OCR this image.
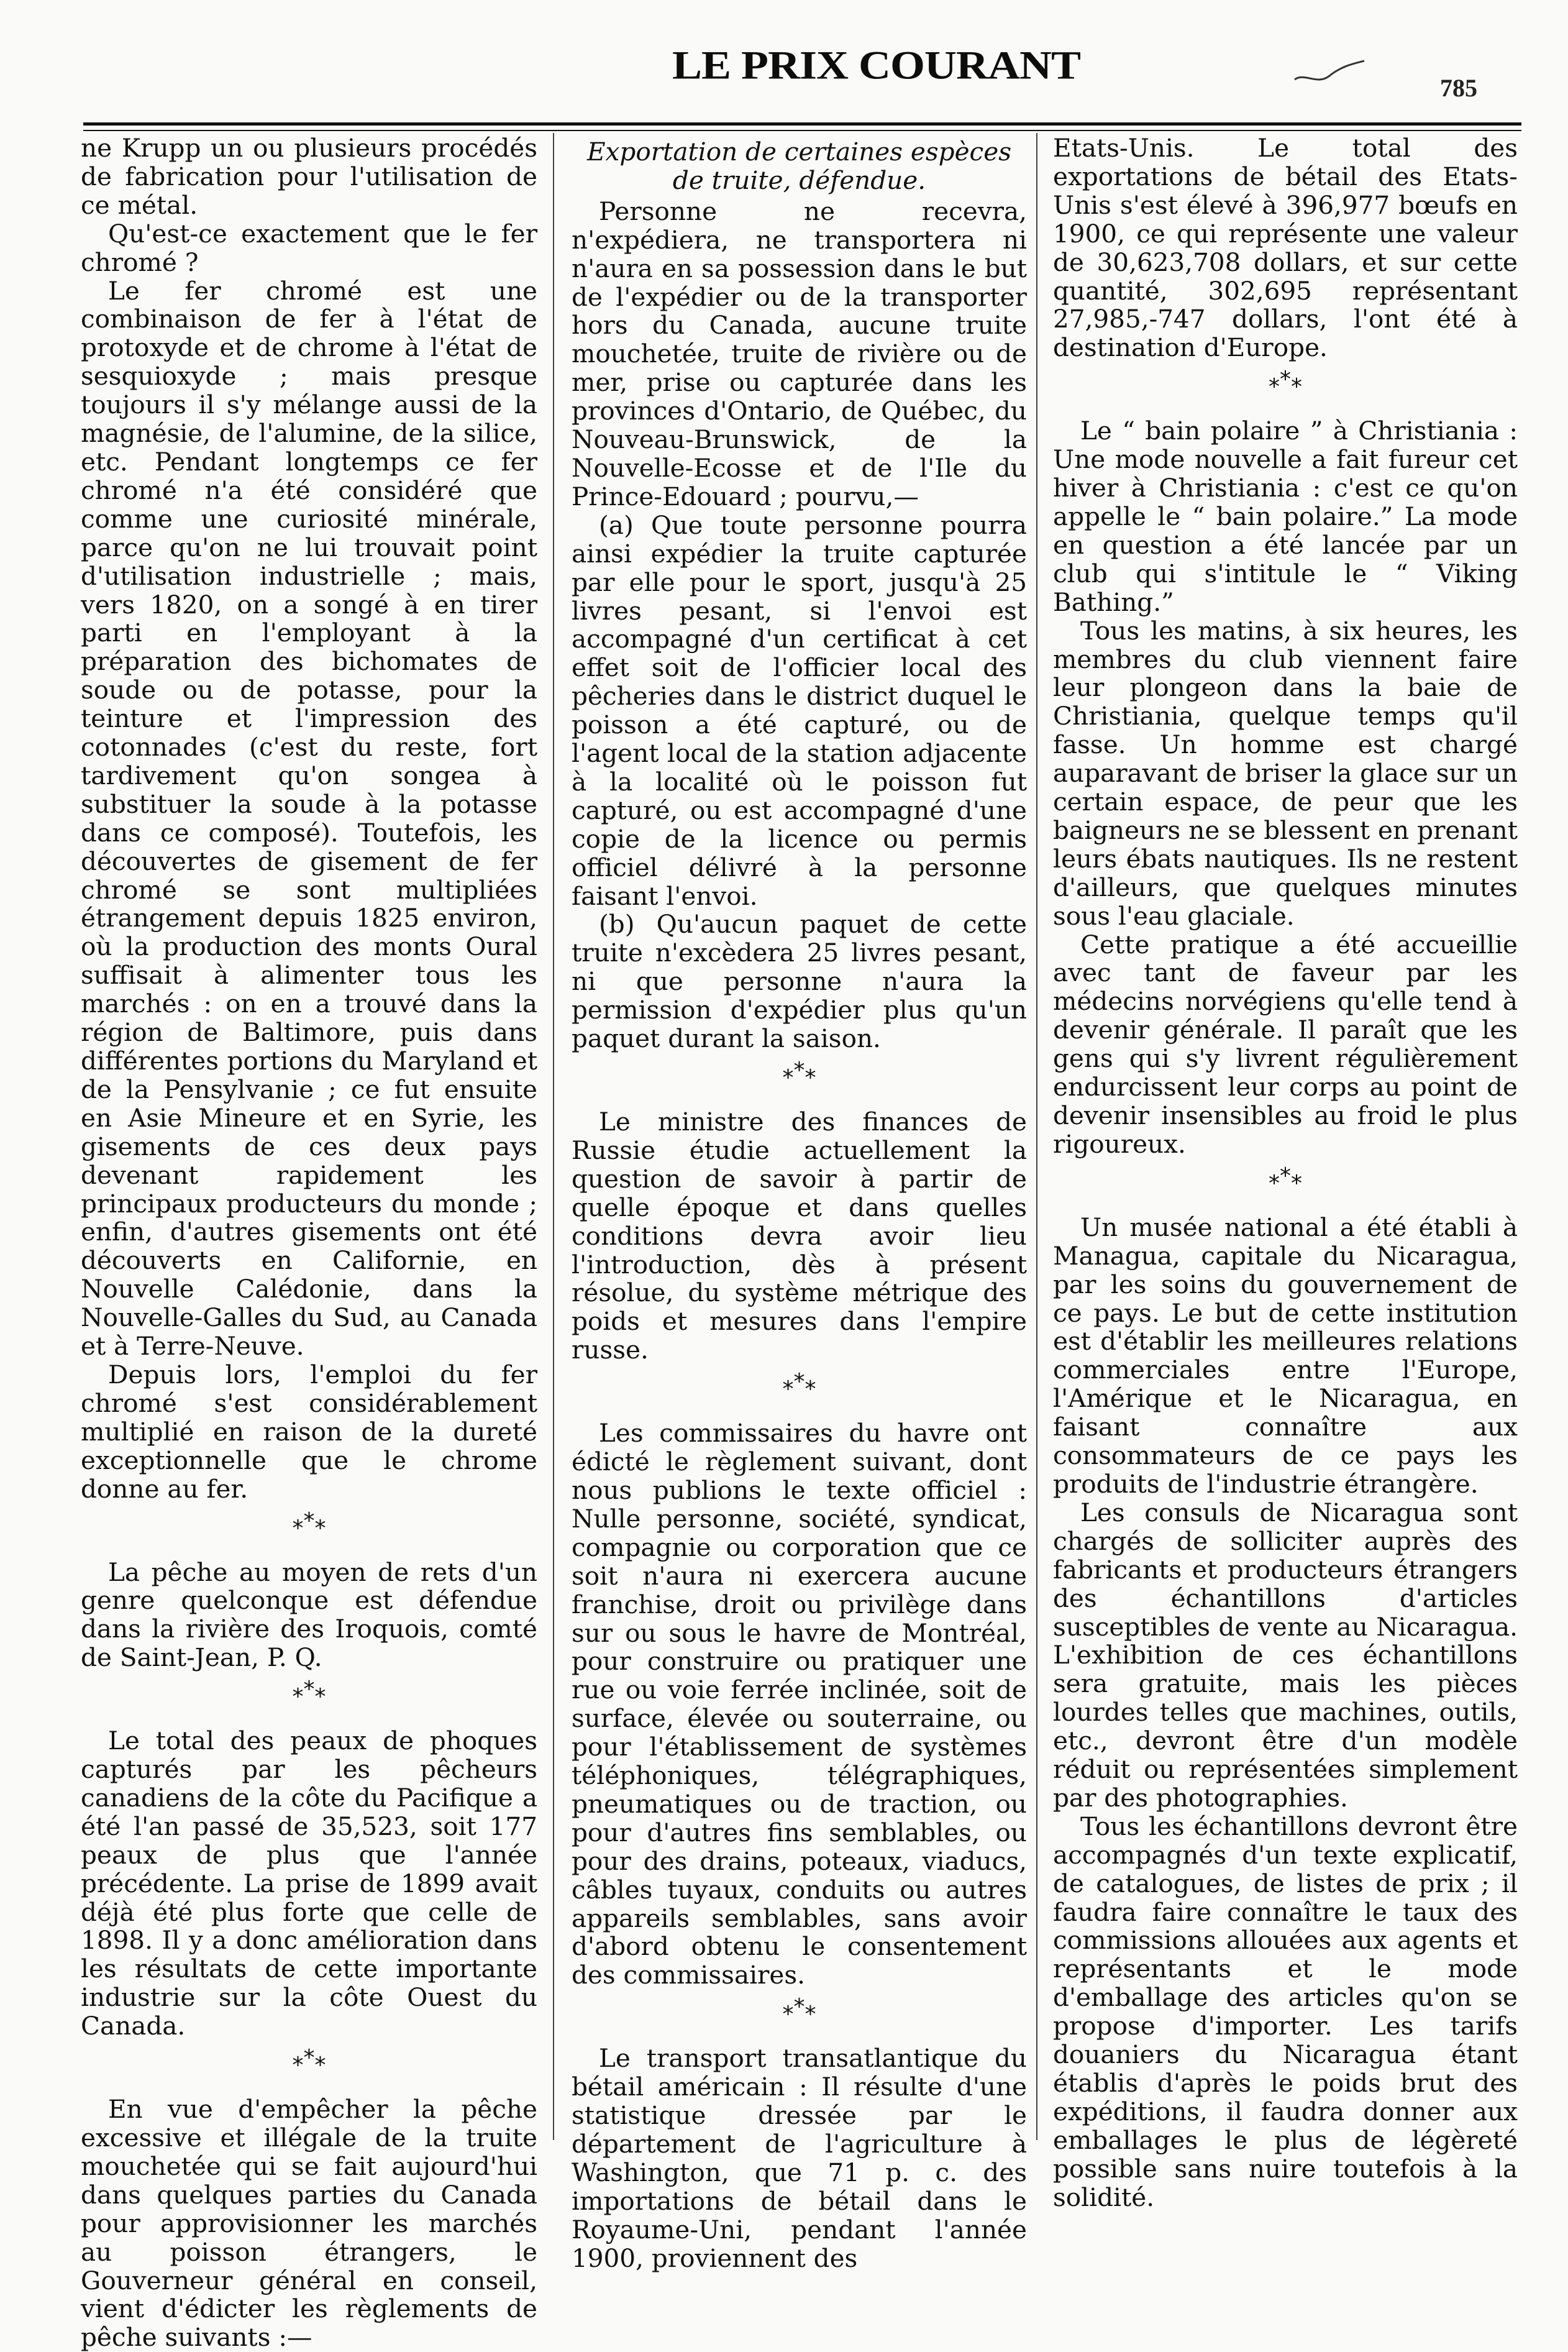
LE PRIX COURANT
785

ne Krupp un ou plusieurs procédés de fabrication pour l'utilisation de ce métal.

Qu'est-ce exactement que le fer chromé ?

Le fer chromé est une combinaison de fer à l'état de protoxyde et de chrome à l'état de sesquioxyde ; mais presque toujours il s'y mélange aussi de la magnésie, de l'alumine, de la silice, etc. Pendant longtemps ce fer chromé n'a été considéré que comme une curiosité minérale, parce qu'on ne lui trouvait point d'utilisation industrielle ; mais, vers 1820, on a songé à en tirer parti en l'employant à la préparation des bichomates de soude ou de potasse, pour la teinture et l'impression des cotonnades (c'est du reste, fort tardivement qu'on songea à substituer la soude à la potasse dans ce composé). Toutefois, les découvertes de gisement de fer chromé se sont multipliées étrangement depuis 1825 environ, où la production des monts Oural suffisait à alimenter tous les marchés : on en a trouvé dans la région de Baltimore, puis dans différentes portions du Maryland et de la Pensylvanie ; ce fut ensuite en Asie Mineure et en Syrie, les gisements de ces deux pays devenant rapidement les principaux producteurs du monde ; enfin, d'autres gisements ont été découverts en Californie, en Nouvelle Calédonie, dans la Nouvelle-Galles du Sud, au Canada et à Terre-Neuve.

Depuis lors, l'emploi du fer chromé s'est considérablement multiplié en raison de la dureté exceptionnelle que le chrome donne au fer.

***

La pêche au moyen de rets d'un genre quelconque est défendue dans la rivière des Iroquois, comté de Saint-Jean, P. Q.

***

Le total des peaux de phoques capturés par les pêcheurs canadiens de la côte du Pacifique a été l'an passé de 35,523, soit 177 peaux de plus que l'année précédente. La prise de 1899 avait déjà été plus forte que celle de 1898. Il y a donc amélioration dans les résultats de cette importante industrie sur la côte Ouest du Canada.

***

En vue d'empêcher la pêche excessive et illégale de la truite mouchetée qui se fait aujourd'hui dans quelques parties du Canada pour approvisionner les marchés au poisson étrangers, le Gouverneur général en conseil, vient d'édicter les règlements de pêche suivants :—

Exportation de certaines espèces de truite, défendue.

Personne ne recevra, n'expédiera, ne transportera ni n'aura en sa possession dans le but de l'expédier ou de la transporter hors du Canada, aucune truite mouchetée, truite de rivière ou de mer, prise ou capturée dans les provinces d'Ontario, de Québec, du Nouveau-Brunswick, de la Nouvelle-Ecosse et de l'Ile du Prince-Edouard ; pourvu,—

(a) Que toute personne pourra ainsi expédier la truite capturée par elle pour le sport, jusqu'à 25 livres pesant, si l'envoi est accompagné d'un certificat à cet effet soit de l'officier local des pêcheries dans le district duquel le poisson a été capturé, ou de l'agent local de la station adjacente à la localité où le poisson fut capturé, ou est accompagné d'une copie de la licence ou permis officiel délivré à la personne faisant l'envoi.

(b) Qu'aucun paquet de cette truite n'excèdera 25 livres pesant, ni que personne n'aura la permission d'expédier plus qu'un paquet durant la saison.

***

Le ministre des finances de Russie étudie actuellement la question de savoir à partir de quelle époque et dans quelles conditions devra avoir lieu l'introduction, dès à présent résolue, du système métrique des poids et mesures dans l'empire russe.

***

Les commissaires du havre ont édicté le règlement suivant, dont nous publions le texte officiel : Nulle personne, société, syndicat, compagnie ou corporation que ce soit n'aura ni exercera aucune franchise, droit ou privilège dans sur ou sous le havre de Montréal, pour construire ou pratiquer une rue ou voie ferrée inclinée, soit de surface, élevée ou souterraine, ou pour l'établissement de systèmes téléphoniques, télégraphiques, pneumatiques ou de traction, ou pour d'autres fins semblables, ou pour des drains, poteaux, viaducs, câbles tuyaux, conduits ou autres appareils semblables, sans avoir d'abord obtenu le consentement des commissaires.

***

Le transport transatlantique du bétail américain : Il résulte d'une statistique dressée par le département de l'agriculture à Washington, que 71 p. c. des importations de bétail dans le Royaume-Uni, pendant l'année 1900, proviennent des

Etats-Unis. Le total des exportations de bétail des Etats-Unis s'est élevé à 396,977 bœufs en 1900, ce qui représente une valeur de 30,623,708 dollars, et sur cette quantité, 302,695 représentant 27,985,-747 dollars, l'ont été à destination d'Europe.

***

Le “ bain polaire ” à Christiania : Une mode nouvelle a fait fureur cet hiver à Christiania : c'est ce qu'on appelle le “ bain polaire.” La mode en question a été lancée par un club qui s'intitule le “ Viking Bathing.”

Tous les matins, à six heures, les membres du club viennent faire leur plongeon dans la baie de Christiania, quelque temps qu'il fasse. Un homme est chargé auparavant de briser la glace sur un certain espace, de peur que les baigneurs ne se blessent en prenant leurs ébats nautiques. Ils ne restent d'ailleurs, que quelques minutes sous l'eau glaciale.

Cette pratique a été accueillie avec tant de faveur par les médecins norvégiens qu'elle tend à devenir générale. Il paraît que les gens qui s'y livrent régulièrement endurcissent leur corps au point de devenir insensibles au froid le plus rigoureux.

***

Un musée national a été établi à Managua, capitale du Nicaragua, par les soins du gouvernement de ce pays. Le but de cette institution est d'établir les meilleures relations commerciales entre l'Europe, l'Amérique et le Nicaragua, en faisant connaître aux consommateurs de ce pays les produits de l'industrie étrangère.

Les consuls de Nicaragua sont chargés de solliciter auprès des fabricants et producteurs étrangers des échantillons d'articles susceptibles de vente au Nicaragua. L'exhibition de ces échantillons sera gratuite, mais les pièces lourdes telles que machines, outils, etc., devront être d'un modèle réduit ou représentées simplement par des photographies.

Tous les échantillons devront être accompagnés d'un texte explicatif, de catalogues, de listes de prix ; il faudra faire connaître le taux des commissions allouées aux agents et représentants et le mode d'emballage des articles qu'on se propose d'importer. Les tarifs douaniers du Nicaragua étant établis d'après le poids brut des expéditions, il faudra donner aux emballages le plus de légèreté possible sans nuire toutefois à la solidité.
